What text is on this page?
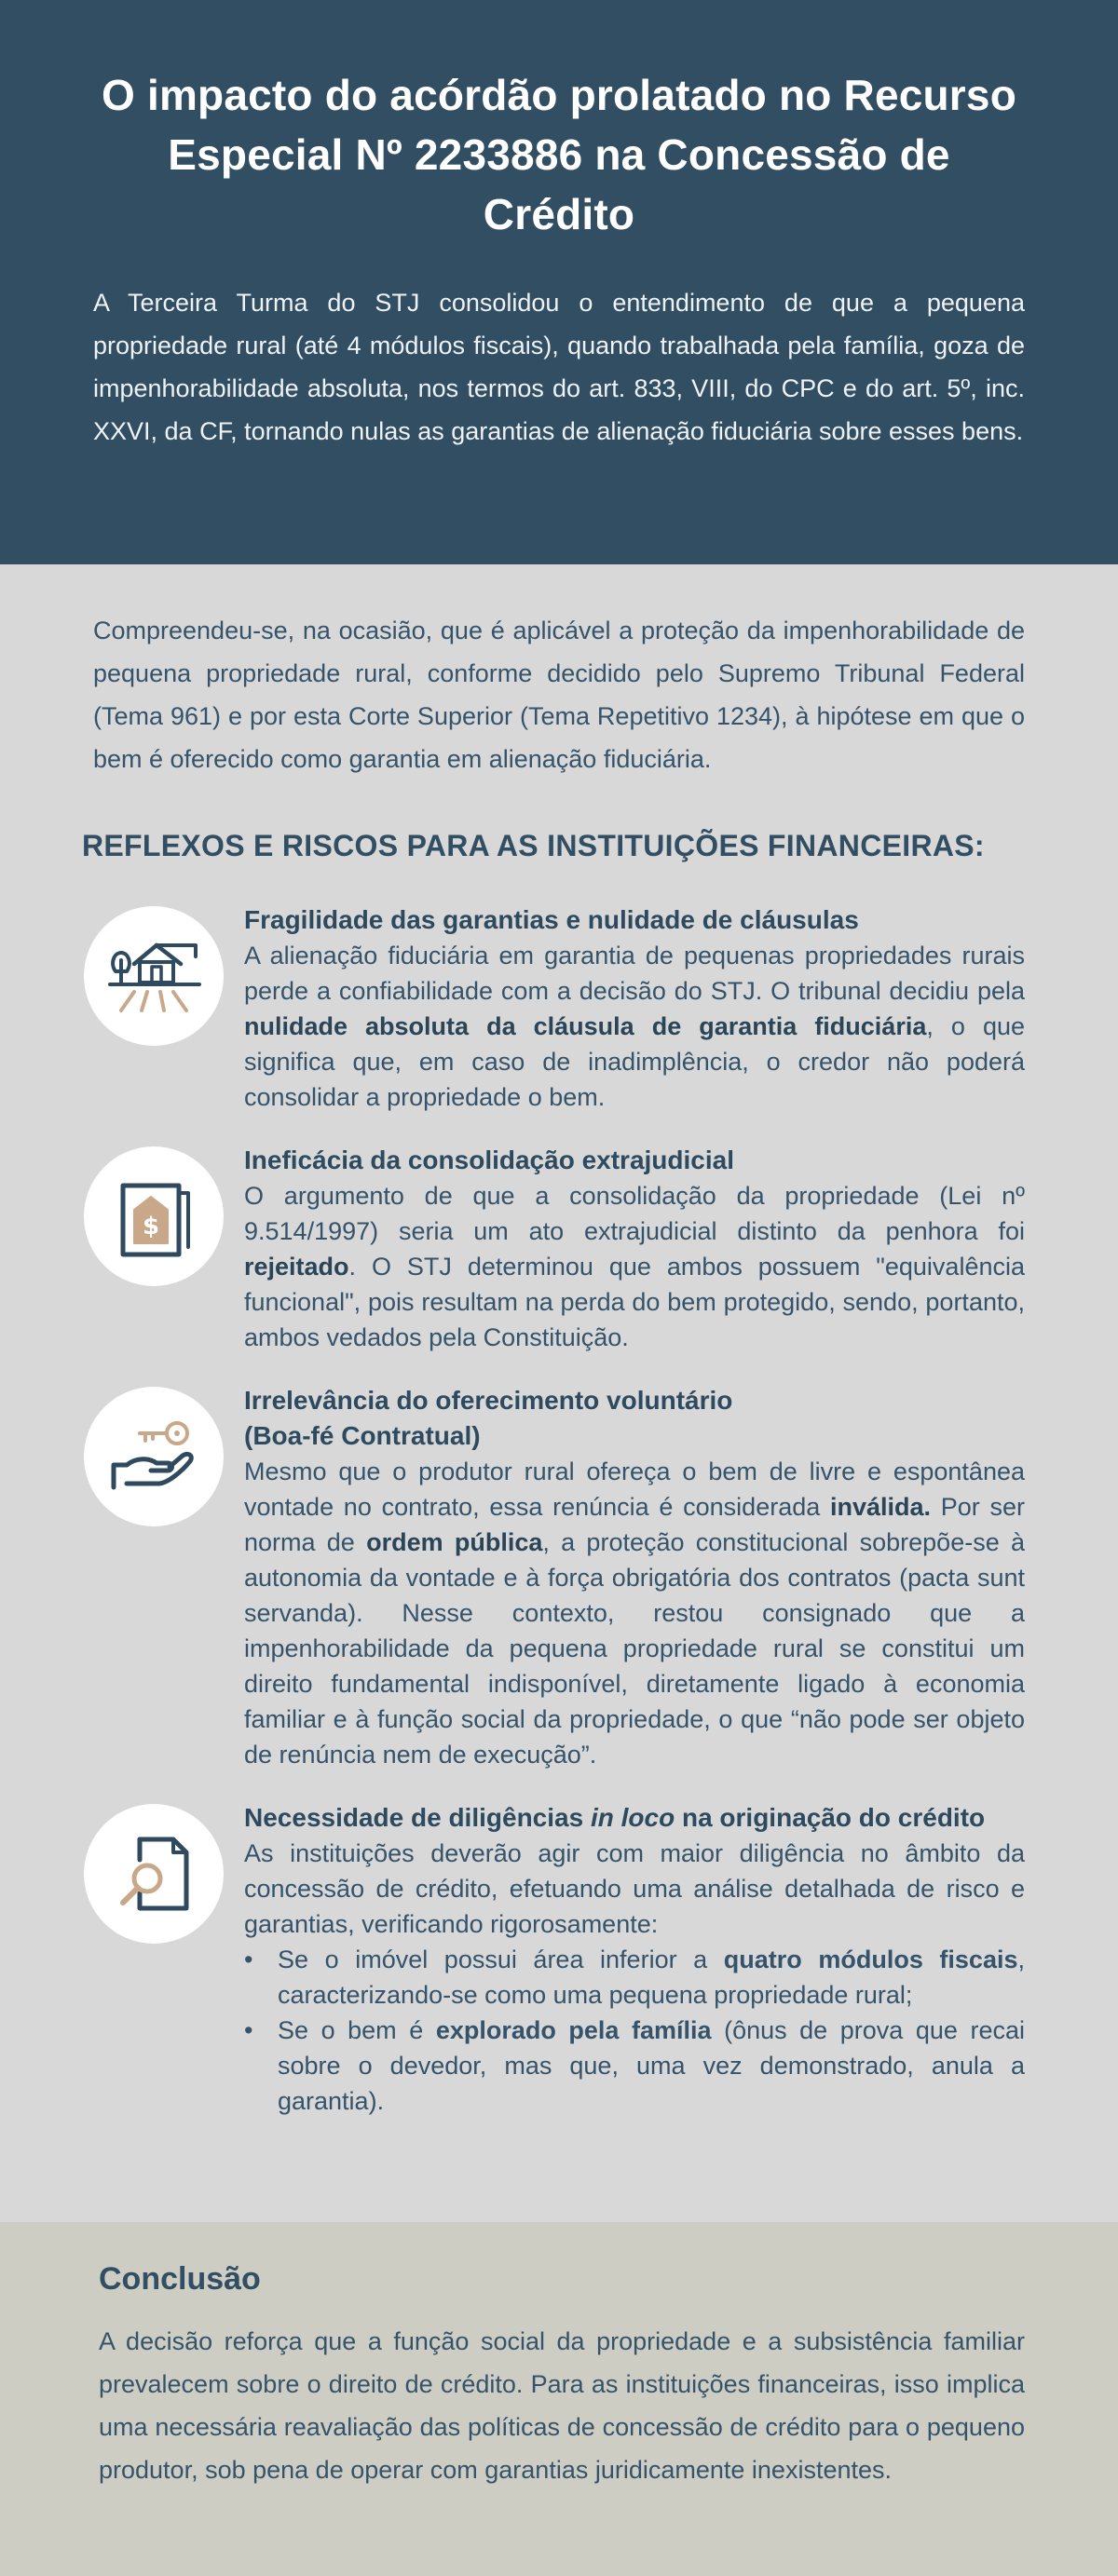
O impacto do acórdão prolatado no Recurso Especial Nº 2233886 na Concessão de Crédito

A Terceira Turma do STJ consolidou o entendimento de que a pequena propriedade rural (até 4 módulos fiscais), quando trabalhada pela família, goza de impenhorabilidade absoluta, nos termos do art. 833, VIII, do CPC e do art. 5º, inc. XXVI, da CF, tornando nulas as garantias de alienação fiduciária sobre esses bens.

Compreendeu-se, na ocasião, que é aplicável a proteção da impenhorabilidade de pequena propriedade rural, conforme decidido pelo Supremo Tribunal Federal (Tema 961) e por esta Corte Superior (Tema Repetitivo 1234), à hipótese em que o bem é oferecido como garantia em alienação fiduciária.

REFLEXOS E RISCOS PARA AS INSTITUIÇÕES FINANCEIRAS:

Fragilidade das garantias e nulidade de cláusulas

A alienação fiduciária em garantia de pequenas propriedades rurais perde a confiabilidade com a decisão do STJ. O tribunal decidiu pela nulidade absoluta da cláusula de garantia fiduciária, o que significa que, em caso de inadimplência, o credor não poderá consolidar a propriedade o bem.

$

Ineficácia da consolidação extrajudicial

O argumento de que a consolidação da propriedade (Lei nº 9.514/1997) seria um ato extrajudicial distinto da penhora foi rejeitado. O STJ determinou que ambos possuem "equivalência funcional", pois resultam na perda do bem protegido, sendo, portanto, ambos vedados pela Constituição.

Irrelevância do oferecimento voluntário
(Boa-fé Contratual)

Mesmo que o produtor rural ofereça o bem de livre e espontânea vontade no contrato, essa renúncia é considerada inválida. Por ser norma de ordem pública, a proteção constitucional sobrepõe-se à autonomia da vontade e à força obrigatória dos contratos (pacta sunt servanda). Nesse contexto, restou consignado que a impenhorabilidade da pequena propriedade rural se constitui um direito fundamental indisponível, diretamente ligado à economia familiar e à função social da propriedade, o que “não pode ser objeto de renúncia nem de execução”.

Necessidade de diligências in loco na originação do crédito

As instituições deverão agir com maior diligência no âmbito da concessão de crédito, efetuando uma análise detalhada de risco e garantias, verificando rigorosamente:

• Se o imóvel possui área inferior a quatro módulos fiscais, caracterizando-se como uma pequena propriedade rural;
• Se o bem é explorado pela família (ônus de prova que recai sobre o devedor, mas que, uma vez demonstrado, anula a garantia).
Conclusão

A decisão reforça que a função social da propriedade e a subsistência familiar prevalecem sobre o direito de crédito. Para as instituições financeiras, isso implica uma necessária reavaliação das políticas de concessão de crédito para o pequeno produtor, sob pena de operar com garantias juridicamente inexistentes.
